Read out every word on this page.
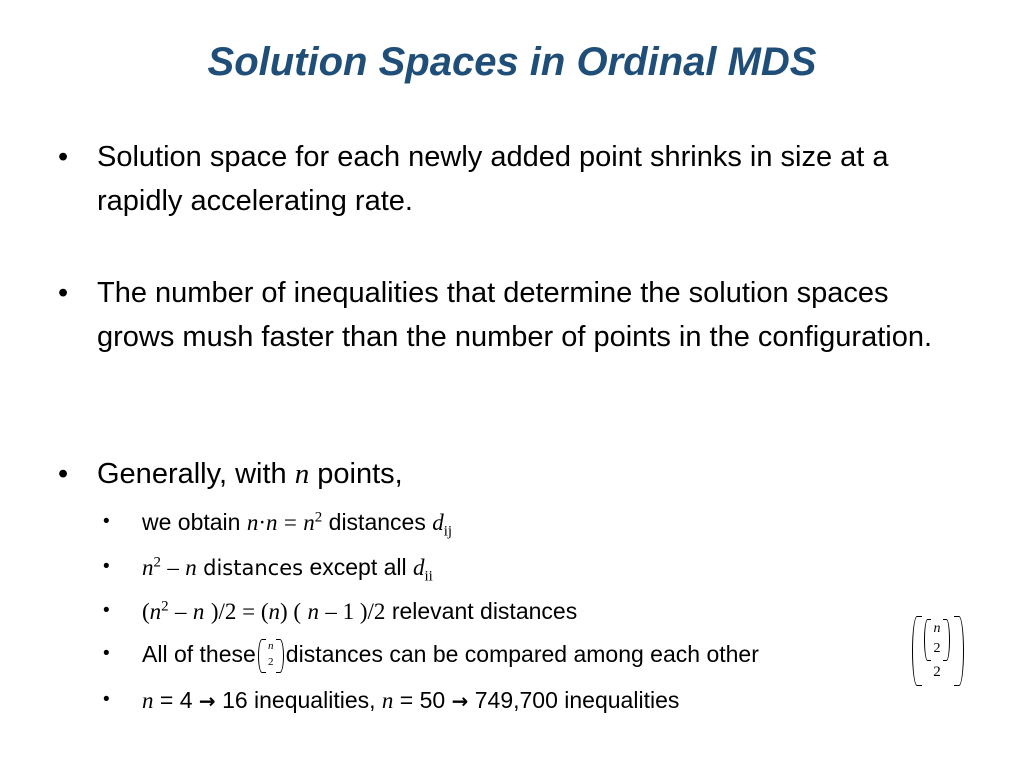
Solution Spaces in Ordinal MDS
• Solution space for each newly added point shrinks in size at a rapidly accelerating rate.
• The number of inequalities that determine the solution spaces grows mush faster than the number of points in the configuration.
• Generally, with n points,
• we obtain $n\cdot n = n^2$ distances $d_{ij}$
• $n^2$ – n distances except all $d_{ii}$
• ($n^2$ – n )/2 = (n) ( n – 1 )/2 relevant distances
• All of these	n
2 distances can be compared among each other
n
2
2
• n = 4 → 16 inequalities, n = 50 → 749,700 inequalities
